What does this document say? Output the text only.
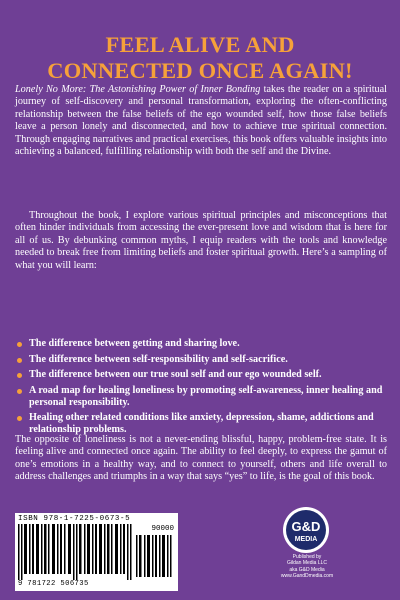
FEEL ALIVE AND
CONNECTED ONCE AGAIN!
Lonely No More: The Astonishing Power of Inner Bonding takes the reader on a spiritual journey of self-discovery and personal transformation, exploring the often-conflicting relationship between the false beliefs of the ego wounded self, how those false beliefs leave a person lonely and disconnected, and how to achieve true spiritual connection. Through engaging narratives and practical exercises, this book offers valuable insights into achieving a balanced, fulfilling relationship with both the self and the Divine.
Throughout the book, I explore various spiritual principles and misconceptions that often hinder individuals from accessing the ever-present love and wisdom that is here for all of us. By debunking common myths, I equip readers with the tools and knowledge needed to break free from limiting beliefs and foster spiritual growth. Here’s a sampling of what you will learn:
The difference between getting and sharing love.
The difference between self-responsibility and self-sacrifice.
The difference between our true soul self and our ego wounded self.
A road map for healing loneliness by promoting self-awareness, inner healing and personal responsibility.
Healing other related conditions like anxiety, depression, shame, addictions and relationship problems.
The opposite of loneliness is not a never-ending blissful, happy, problem-free state. It is feeling alive and connected once again. The ability to feel deeply, to express the gamut of one’s emotions in a healthy way, and to connect to yourself, others and life overall to address challenges and triumphs in a way that says “yes” to life, is the goal of this book.
ISBN 978-1-7225-0673-5
90000
9 781722 506735
G&D
MEDIA
Published by
Gildan Media LLC
aka G&D Media
www.GandDmedia.com
